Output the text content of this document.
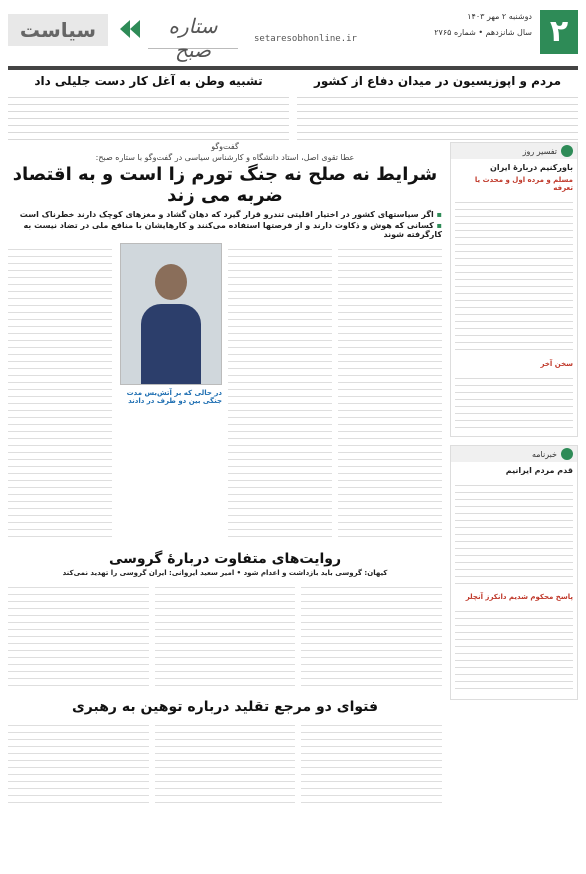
۲
دوشنبه ۲ مهر ۱۴۰۳
سال شانزدهم • شماره ۲۷۶۵
setaresobhonline.ir
ستاره صبح
سیاست
مردم و اپوزیسیون در میدان دفاع از کشور
تشبیه وطن به آغل کار دست جلیلی داد
تفسیر روز
باورکنیم دربارهٔ ایران
مسلم و مرده اول و محدث یا تعرفه
سخن آخر
خبرنامه
قدم مردم ایرانیم
پاسخ محکوم شدیم دانکرز آنچلر
گفت‌وگو
عطا تقوی اصل، استاد دانشگاه و کارشناس سیاسی در گفت‌وگو با ستاره صبح:
شرایط نه صلح نه جنگ تورم زا است و به اقتصاد ضربه می زند
▪ اگر سیاستهای کشور در اختیار اقلیتی تندرو قرار گیرد که دهان گشاد و مغزهای کوچک دارند خطرناک است
▪ کسانی که هوش و ذکاوت دارند و از فرصتها استفاده می‌کنند و کارهایشان با منافع ملی در تضاد نیست به کارگرفته شوند
در حالی که بر آتش‌بس مدت جنگی بین دو طرف در دادند
روایت‌های متفاوت دربارهٔ گروسی
کیهان: گروسی باید بازداشت و اعدام شود • امیر سعید ایروانی: ایران گروسی را تهدید نمی‌کند
فتوای دو مرجع تقلید درباره توهین به رهبری
